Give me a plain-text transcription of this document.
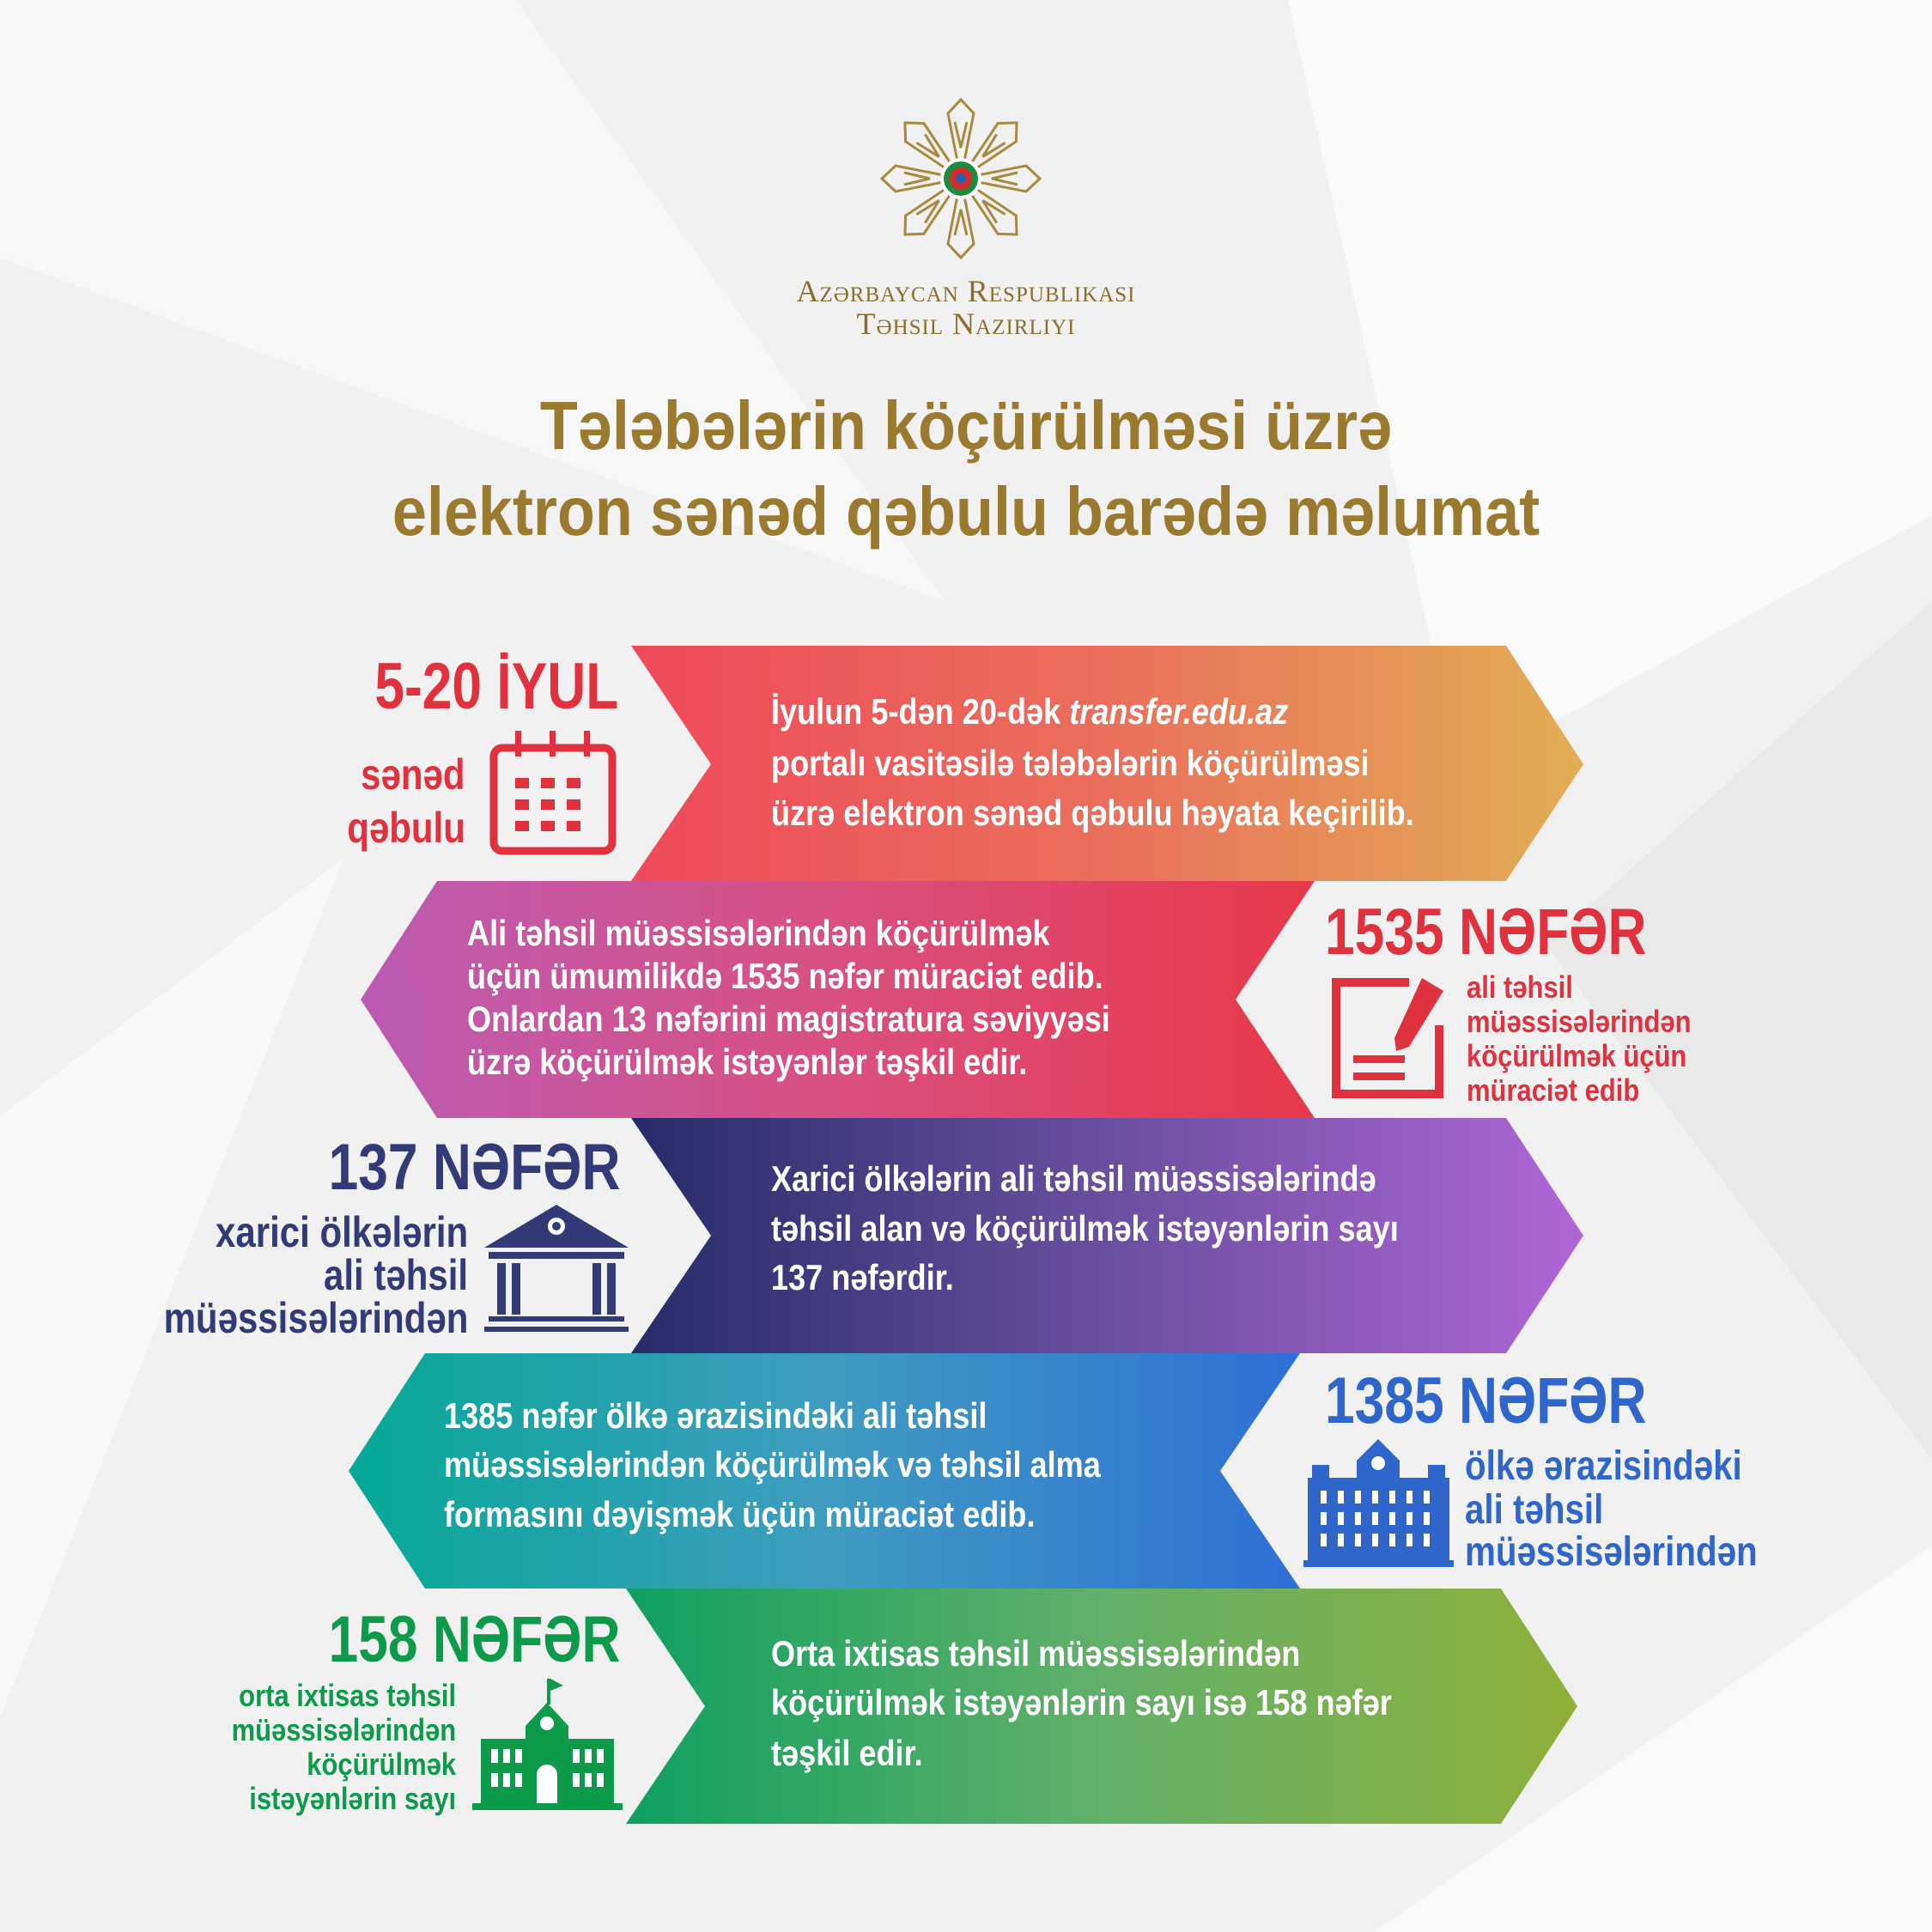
Azərbaycan Respublikası
Təhsil Nazirliyi
Tələbələrin köçürülməsi üzrə
elektron sənəd qəbulu barədə məlumat
5-20 İYUL
sənəd
qəbulu
İyulun 5-dən 20-dək transfer.edu.az
portalı vasitəsilə tələbələrin köçürülməsi
üzrə elektron sənəd qəbulu həyata keçirilib.
1535 NƏFƏR
ali təhsil
müəssisələrindən
köçürülmək üçün
müraciət edib
Ali təhsil müəssisələrindən köçürülmək
üçün ümumilikdə 1535 nəfər müraciət edib.
Onlardan 13 nəfərini magistratura səviyyəsi
üzrə köçürülmək istəyənlər təşkil edir.
137 NƏFƏR
xarici ölkələrin
ali təhsil
müəssisələrindən
Xarici ölkələrin ali təhsil müəssisələrində
təhsil alan və köçürülmək istəyənlərin sayı
137 nəfərdir.
1385 NƏFƏR
ölkə ərazisindəki
ali təhsil
müəssisələrindən
1385 nəfər ölkə ərazisindəki ali təhsil
müəssisələrindən köçürülmək və təhsil alma
formasını dəyişmək üçün müraciət edib.
158 NƏFƏR
orta ixtisas təhsil
müəssisələrindən
köçürülmək
istəyənlərin sayı
Orta ixtisas təhsil müəssisələrindən
köçürülmək istəyənlərin sayı isə 158 nəfər
təşkil edir.
